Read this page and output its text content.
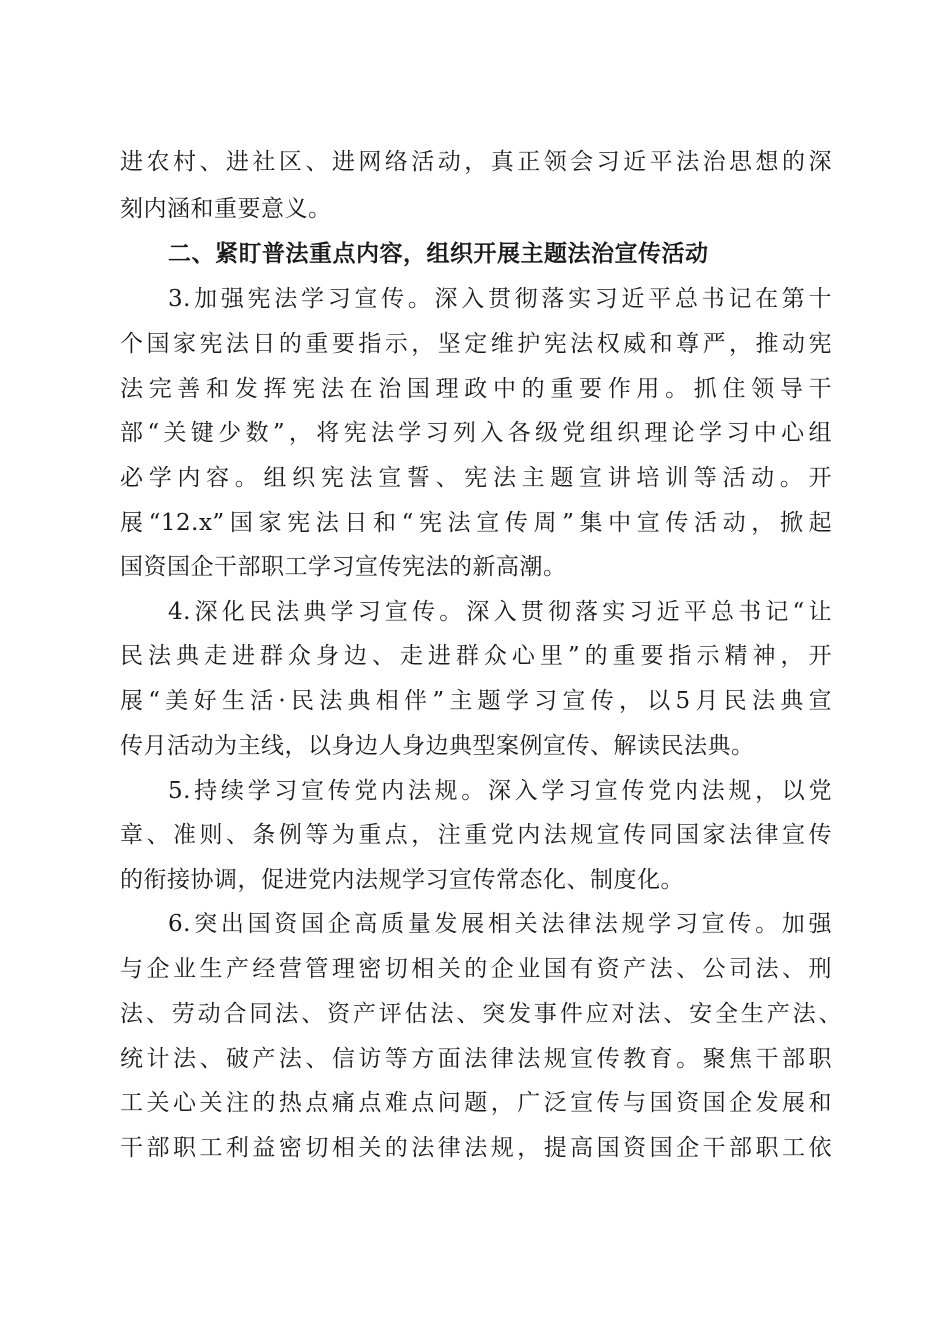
进农村、进社区、进网络活动，真正领会习近平法治思想的深
刻内涵和重要意义。
二、紧盯普法重点内容，组织开展主题法治宣传活动
3.加强宪法学习宣传。深入贯彻落实习近平总书记在第十
个国家宪法日的重要指示，坚定维护宪法权威和尊严，推动宪
法完善和发挥宪法在治国理政中的重要作用。抓住领导干
部“关键少数”，将宪法学习列入各级党组织理论学习中心组
必学内容。组织宪法宣誓、宪法主题宣讲培训等活动。开
展“12.x”国家宪法日和“宪法宣传周”集中宣传活动，掀起
国资国企干部职工学习宣传宪法的新高潮。
4.深化民法典学习宣传。深入贯彻落实习近平总书记“让
民法典走进群众身边、走进群众心里”的重要指示精神，开
展“美好生活·民法典相伴”主题学习宣传，以5月民法典宣
传月活动为主线，以身边人身边典型案例宣传、解读民法典。
5.持续学习宣传党内法规。深入学习宣传党内法规，以党
章、准则、条例等为重点，注重党内法规宣传同国家法律宣传
的衔接协调，促进党内法规学习宣传常态化、制度化。
6.突出国资国企高质量发展相关法律法规学习宣传。加强
与企业生产经营管理密切相关的企业国有资产法、公司法、刑
法、劳动合同法、资产评估法、突发事件应对法、安全生产法、
统计法、破产法、信访等方面法律法规宣传教育。聚焦干部职
工关心关注的热点痛点难点问题，广泛宣传与国资国企发展和
干部职工利益密切相关的法律法规，提高国资国企干部职工依
